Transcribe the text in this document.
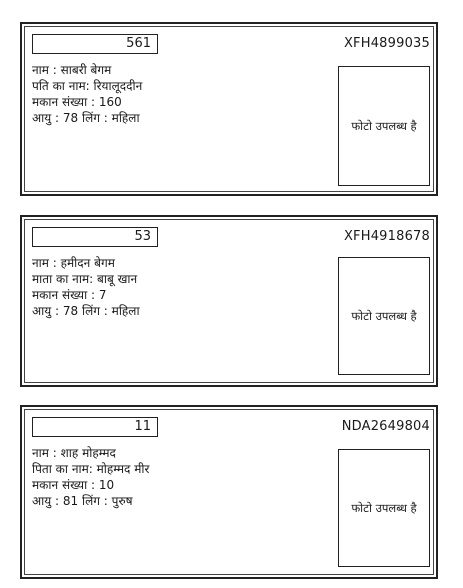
561	XFH4899035
नाम : साबरी बेगम
पति का नाम: रियालूददीन
मकान संख्या : 160
आयु : 78 लिंग : महिला
फोटो उपलब्ध है
53	XFH4918678
नाम : हमीदन बेगम
माता का नाम: बाबू खान
मकान संख्या : 7
आयु : 78 लिंग : महिला	फोटो उपलब्ध है
11	NDA2649804
नाम : शाह मोहम्मद
पिता का नाम: मोहम्मद मीर
मकान संख्या : 10
आयु : 81 लिंग : पुरुष	फोटो उपलब्ध है
